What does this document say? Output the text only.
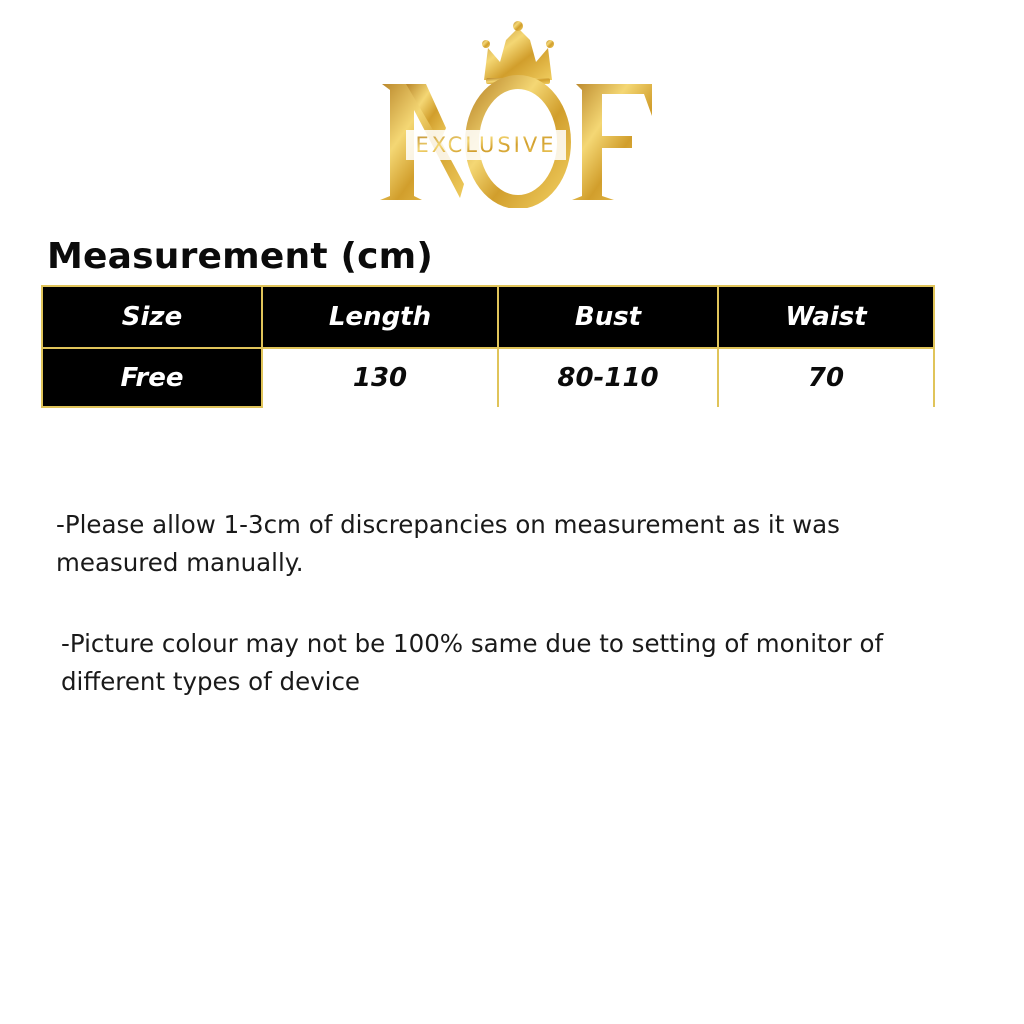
EXCLUSIVE
Measurement (cm)
Size	Length	Bust	Waist
Free	130	80-110	70
-Please allow 1-3cm of discrepancies on measurement as it was measured manually.
-Picture colour may not be 100% same due to setting of monitor of different types of device
